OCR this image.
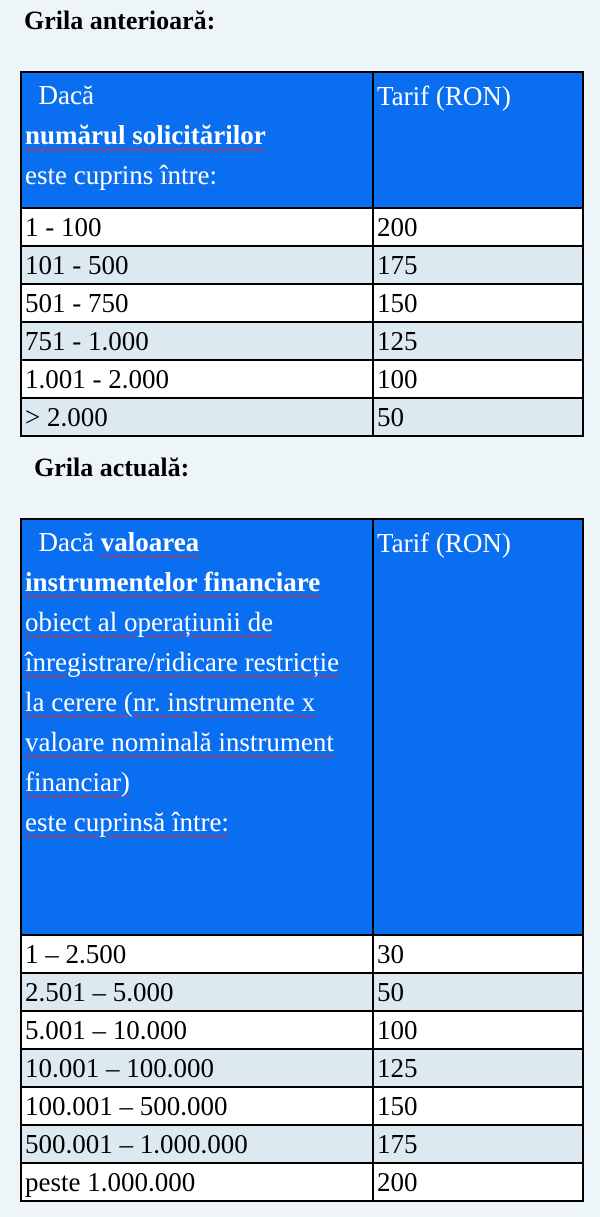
Grila anterioară:
Dacă
numărul solicitărilor
este cuprins între:	Tarif (RON)
1 - 100	200
101 - 500	175
501 - 750	150
751 - 1.000	125
1.001 - 2.000	100
> 2.000	50
Grila actuală:
Dacă valoarea instrumentelor financiare obiect al operațiunii de înregistrare/ridicare restricție la cerere (nr. instrumente x valoare nominală instrument financiar)
este cuprinsă între:	Tarif (RON)
1 – 2.500	30
2.501 – 5.000	50
5.001 – 10.000	100
10.001 – 100.000	125
100.001 – 500.000	150
500.001 – 1.000.000	175
peste 1.000.000	200
